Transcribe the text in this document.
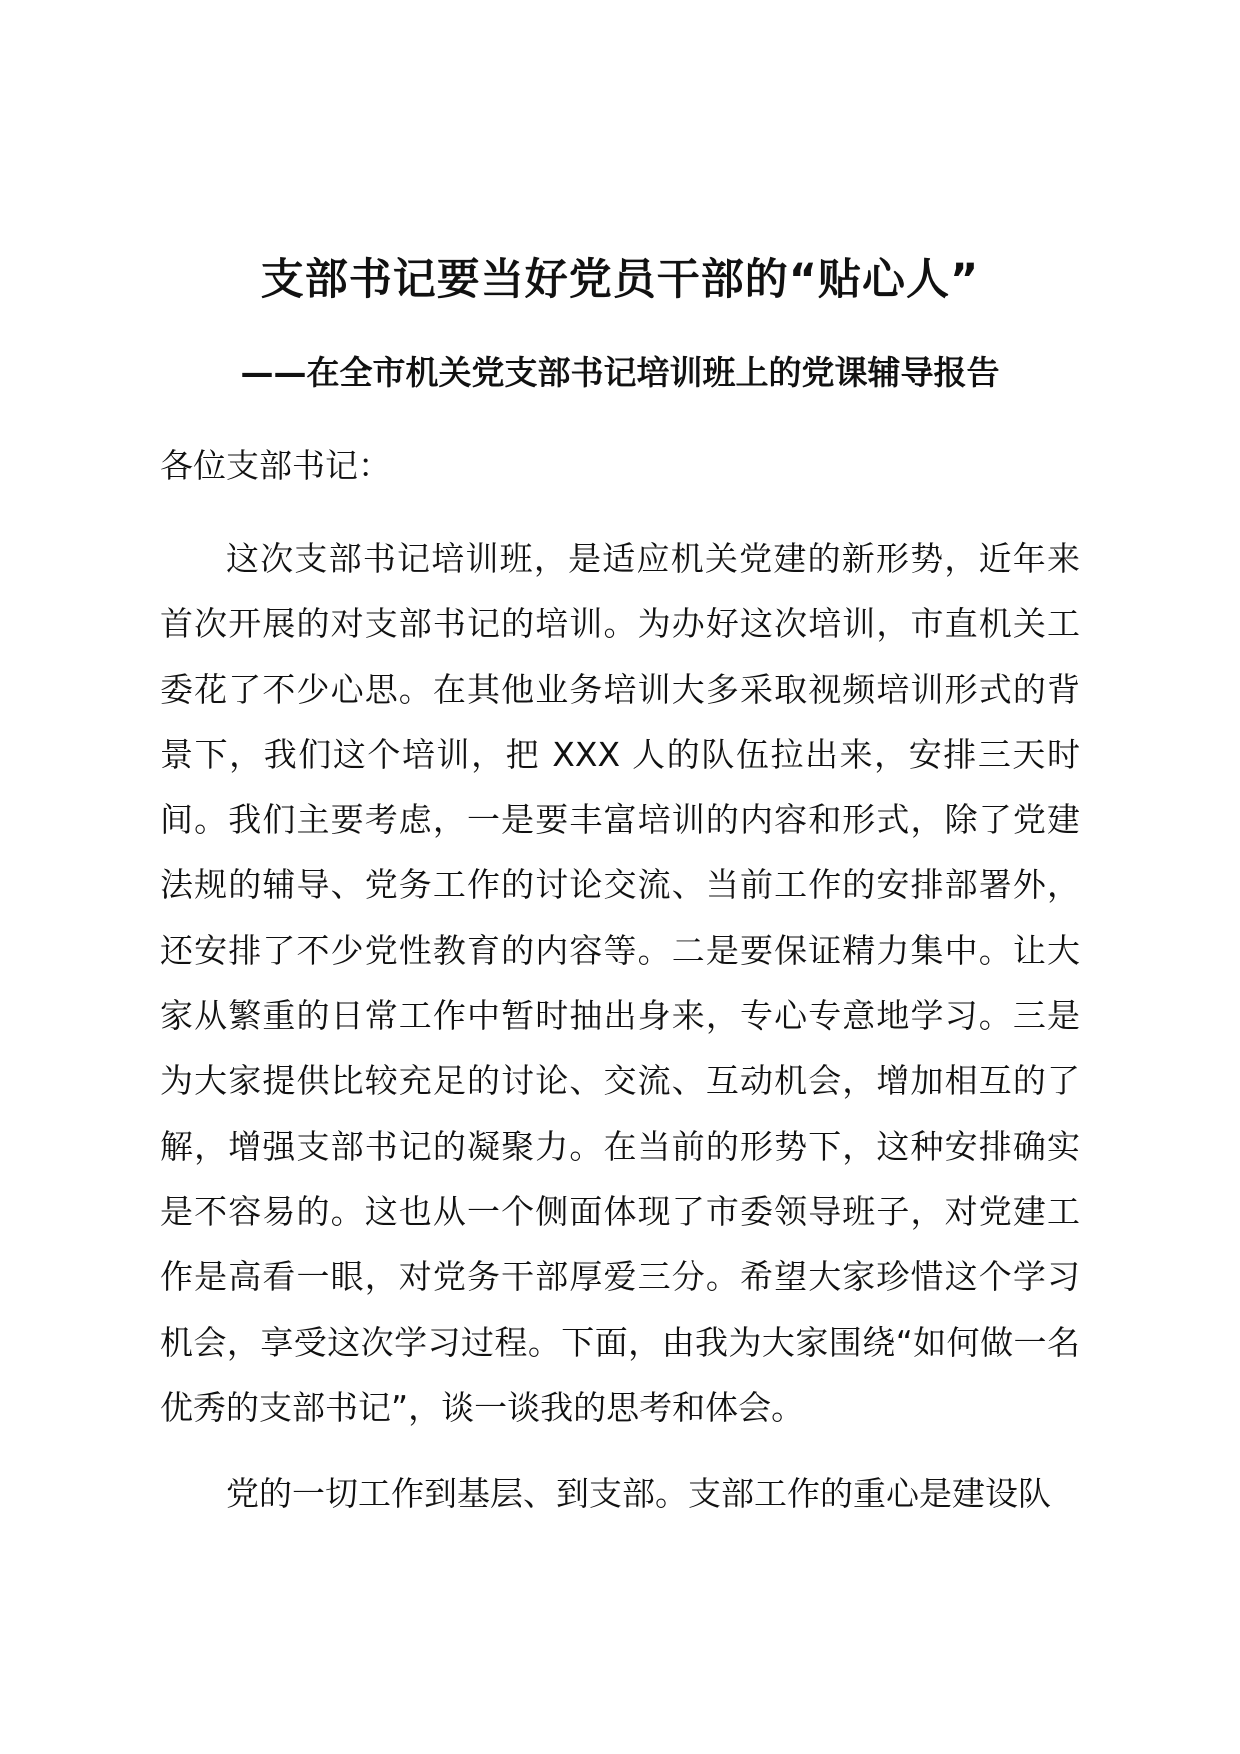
支部书记要当好党员干部的“贴心人”
——在全市机关党支部书记培训班上的党课辅导报告

各位支部书记：

这次支部书记培训班，是适应机关党建的新形势，近年来首次开展的对支部书记的培训。为办好这次培训，市直机关工委花了不少心思。在其他业务培训大多采取视频培训形式的背景下，我们这个培训，把 XXX 人的队伍拉出来，安排三天时间。我们主要考虑，一是要丰富培训的内容和形式，除了党建法规的辅导、党务工作的讨论交流、当前工作的安排部署外，还安排了不少党性教育的内容等。二是要保证精力集中。让大家从繁重的日常工作中暂时抽出身来，专心专意地学习。三是为大家提供比较充足的讨论、交流、互动机会，增加相互的了解，增强支部书记的凝聚力。在当前的形势下，这种安排确实是不容易的。这也从一个侧面体现了市委领导班子，对党建工作是高看一眼，对党务干部厚爱三分。希望大家珍惜这个学习机会，享受这次学习过程。下面，由我为大家围绕“如何做一名优秀的支部书记”，谈一谈我的思考和体会。

党的一切工作到基层、到支部。支部工作的重心是建设队
